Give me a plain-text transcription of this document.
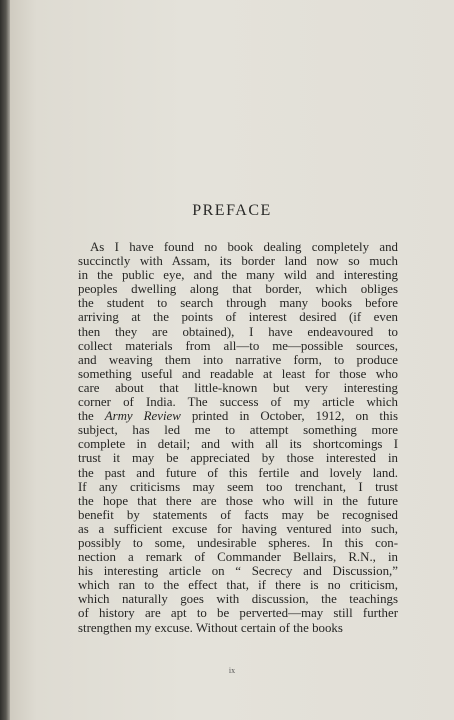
PREFACE
As I have found no book dealing completely and
succinctly with Assam, its border land now so much
in the public eye, and the many wild and interesting
peoples dwelling along that border, which obliges
the student to search through many books before
arriving at the points of interest desired (if even
then they are obtained), I have endeavoured to
collect materials from all—to me—possible sources,
and weaving them into narrative form, to produce
something useful and readable at least for those who
care about that little-known but very interesting
corner of India. The success of my article which
the Army Review printed in October, 1912, on this
subject, has led me to attempt something more
complete in detail; and with all its shortcomings I
trust it may be appreciated by those interested in
the past and future of this fertile and lovely land.
If any criticisms may seem too trenchant, I trust
the hope that there are those who will in the future
benefit by statements of facts may be recognised
as a sufficient excuse for having ventured into such,
possibly to some, undesirable spheres. In this con-
nection a remark of Commander Bellairs, R.N., in
his interesting article on “ Secrecy and Discussion,”
which ran to the effect that, if there is no criticism,
which naturally goes with discussion, the teachings
of history are apt to be perverted—may still further
strengthen my excuse. Without certain of the books
ix
